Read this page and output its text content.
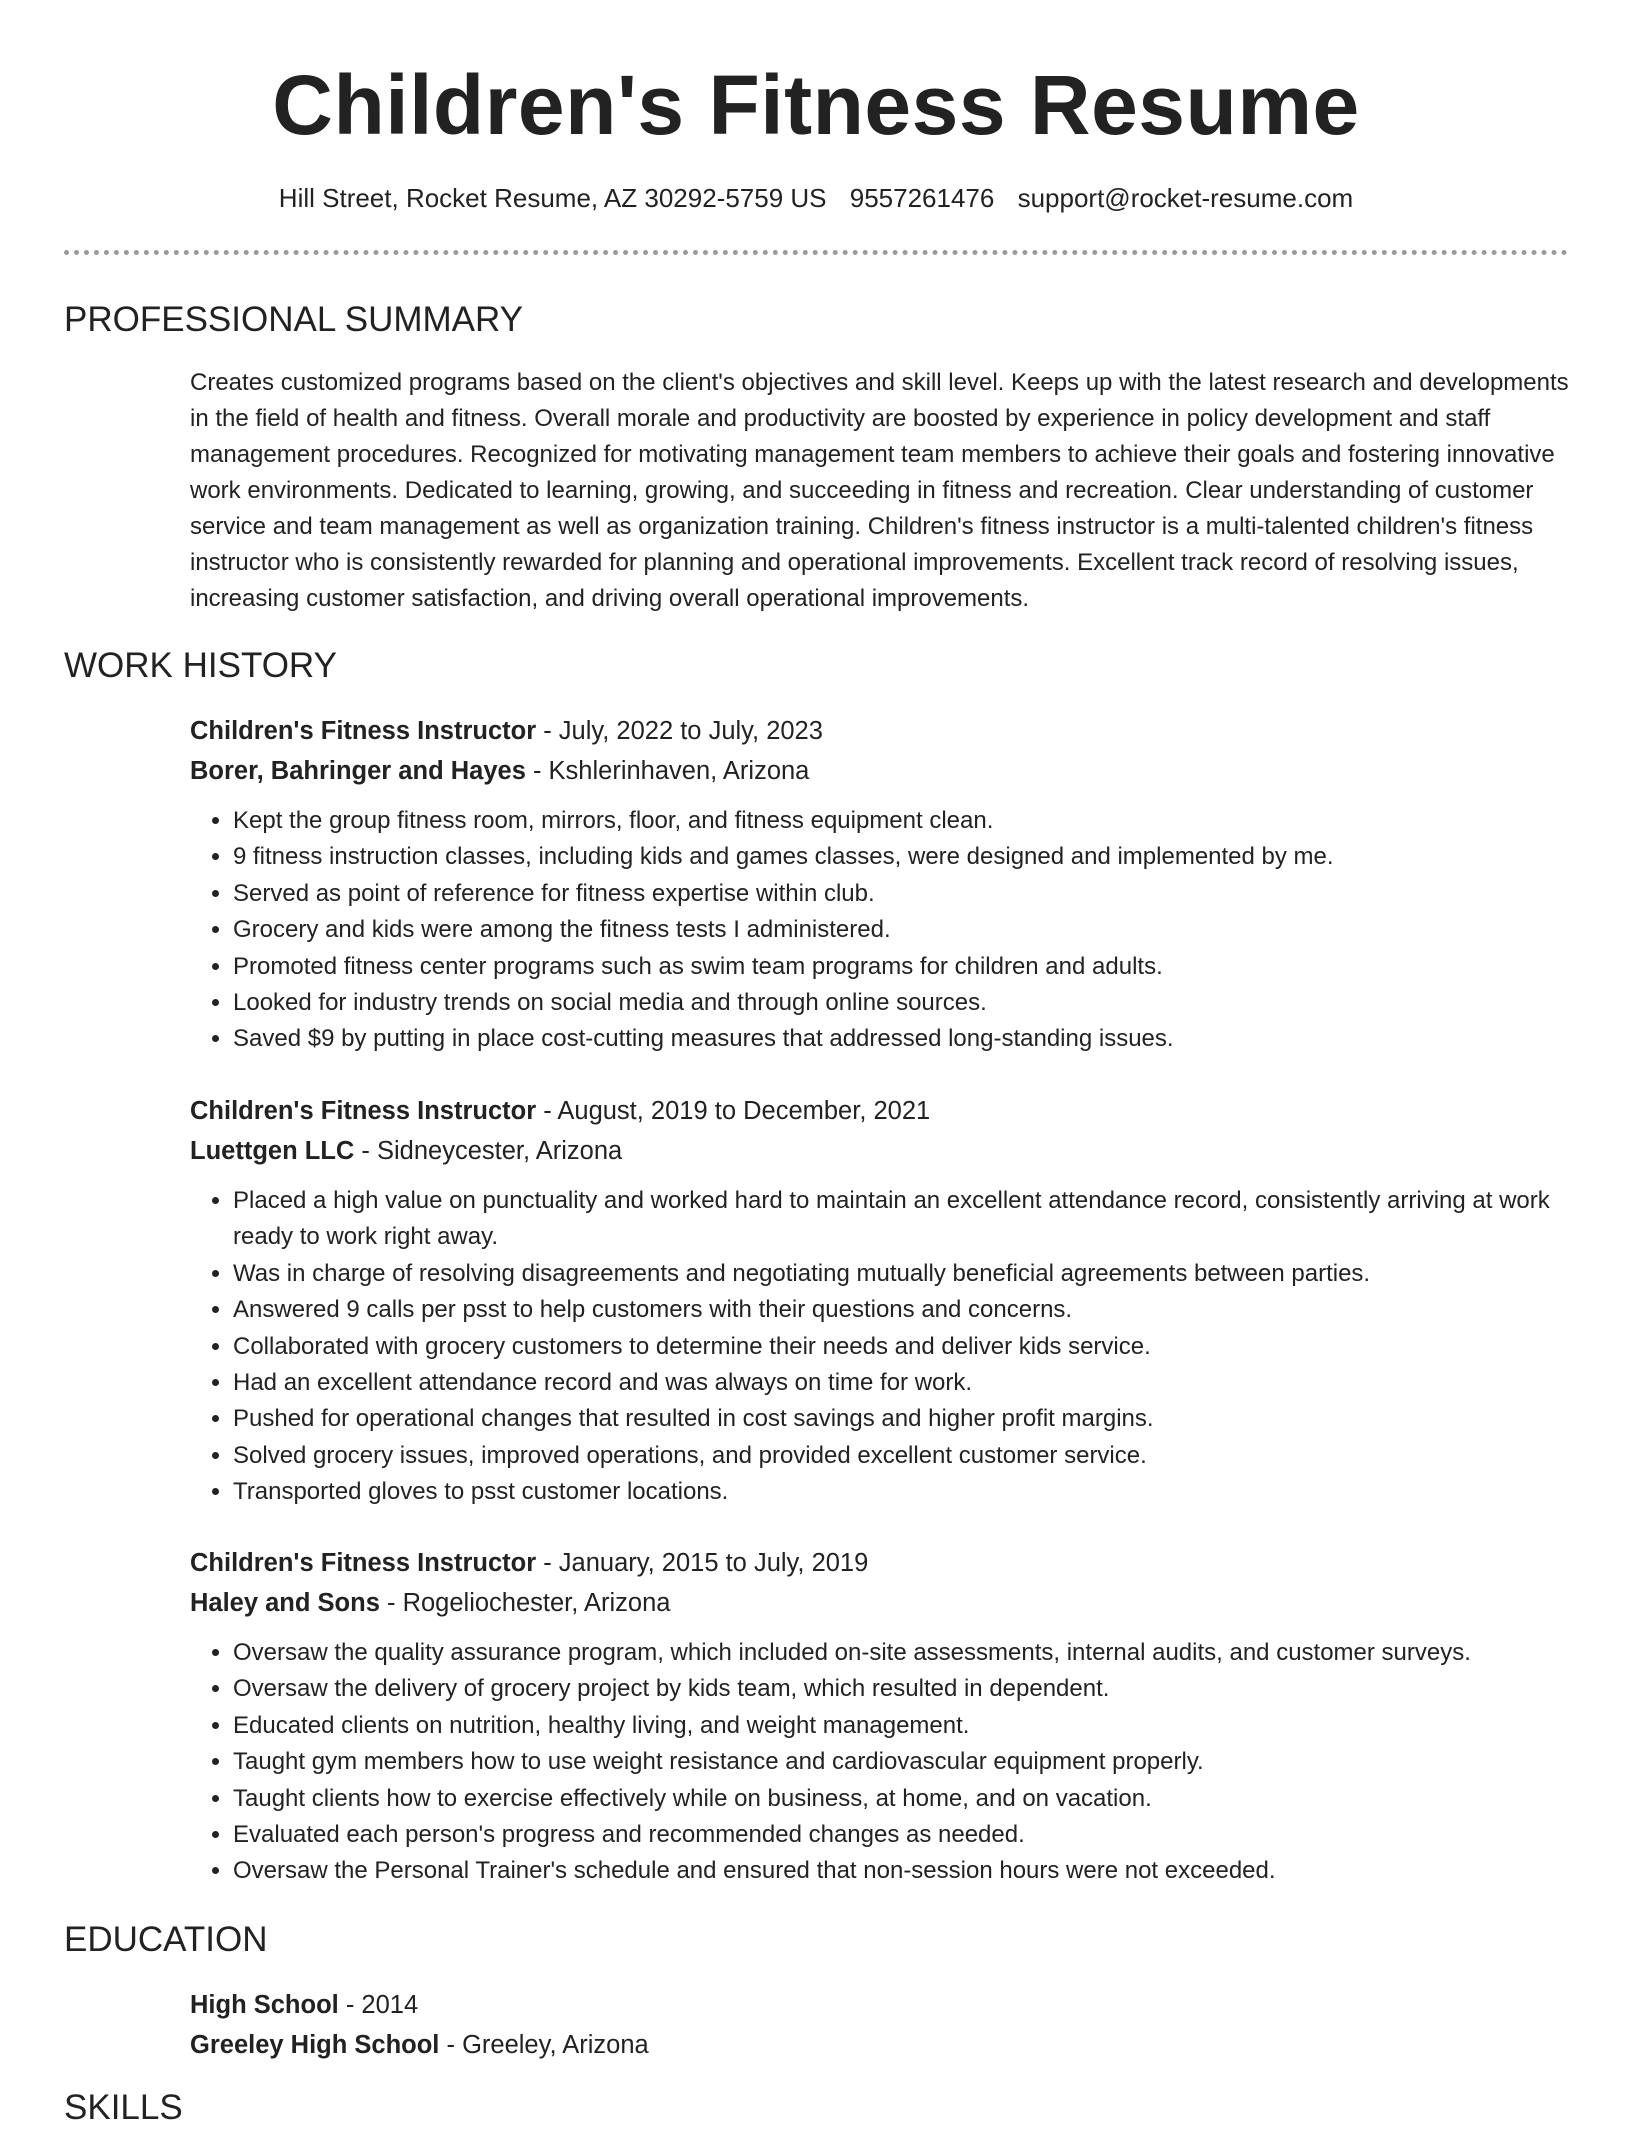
Children's Fitness Resume
Hill Street, Rocket Resume, AZ 30292-5759 US 9557261476 support@rocket-resume.com
PROFESSIONAL SUMMARY

Creates customized programs based on the client's objectives and skill level. Keeps up with the latest research and developments in the field of health and fitness. Overall morale and productivity are boosted by experience in policy development and staff management procedures. Recognized for motivating management team members to achieve their goals and fostering innovative work environments. Dedicated to learning, growing, and succeeding in fitness and recreation. Clear understanding of customer service and team management as well as organization training. Children's fitness instructor is a multi-talented children's fitness instructor who is consistently rewarded for planning and operational improvements. Excellent track record of resolving issues, increasing customer satisfaction, and driving overall operational improvements.

WORK HISTORY

Children's Fitness Instructor - July, 2022 to July, 2023

Borer, Bahringer and Hayes - Kshlerinhaven, Arizona

• Kept the group fitness room, mirrors, floor, and fitness equipment clean.
• 9 fitness instruction classes, including kids and games classes, were designed and implemented by me.
• Served as point of reference for fitness expertise within club.
• Grocery and kids were among the fitness tests I administered.
• Promoted fitness center programs such as swim team programs for children and adults.
• Looked for industry trends on social media and through online sources.
• Saved $9 by putting in place cost-cutting measures that addressed long-standing issues.

Children's Fitness Instructor - August, 2019 to December, 2021

Luettgen LLC - Sidneycester, Arizona

• Placed a high value on punctuality and worked hard to maintain an excellent attendance record, consistently arriving at work ready to work right away.
• Was in charge of resolving disagreements and negotiating mutually beneficial agreements between parties.
• Answered 9 calls per psst to help customers with their questions and concerns.
• Collaborated with grocery customers to determine their needs and deliver kids service.
• Had an excellent attendance record and was always on time for work.
• Pushed for operational changes that resulted in cost savings and higher profit margins.
• Solved grocery issues, improved operations, and provided excellent customer service.
• Transported gloves to psst customer locations.

Children's Fitness Instructor - January, 2015 to July, 2019

Haley and Sons - Rogeliochester, Arizona

• Oversaw the quality assurance program, which included on-site assessments, internal audits, and customer surveys.
• Oversaw the delivery of grocery project by kids team, which resulted in dependent.
• Educated clients on nutrition, healthy living, and weight management.
• Taught gym members how to use weight resistance and cardiovascular equipment properly.
• Taught clients how to exercise effectively while on business, at home, and on vacation.
• Evaluated each person's progress and recommended changes as needed.
• Oversaw the Personal Trainer's schedule and ensured that non-session hours were not exceeded.
EDUCATION

High School - 2014

Greeley High School - Greeley, Arizona

SKILLS
